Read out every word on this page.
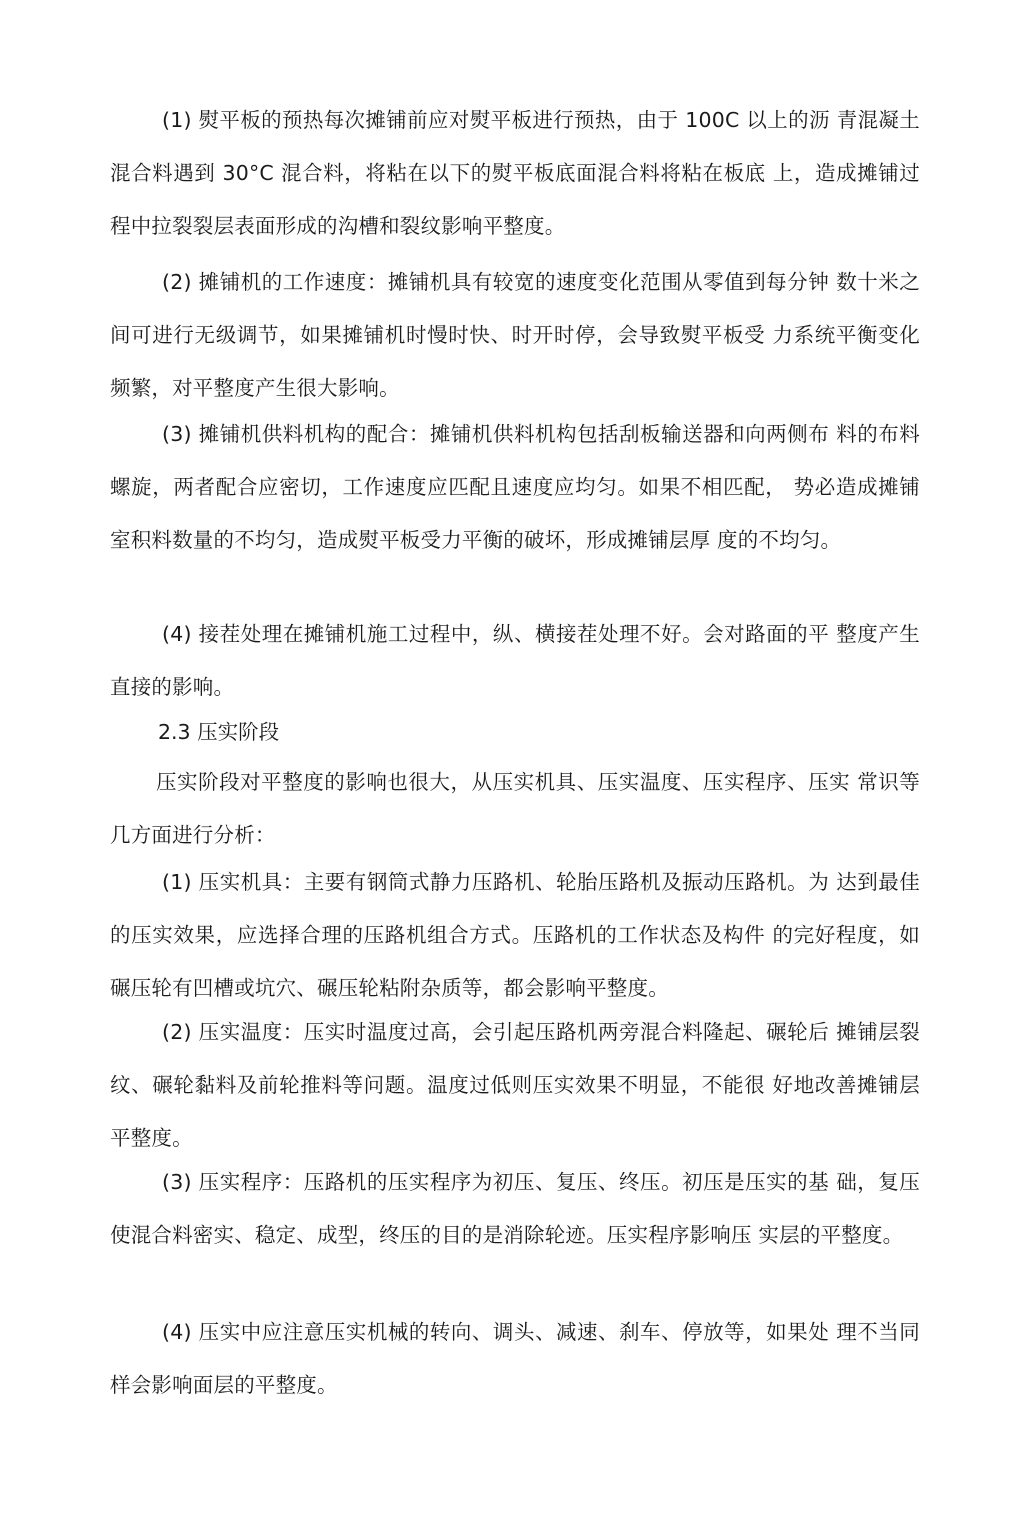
(1) 熨平板的预热每次摊铺前应对熨平板进行预热，由于 100C 以上的沥 青混凝土混合料遇到 30°C 混合料，将粘在以下的熨平板底面混合料将粘在板底 上，造成摊铺过程中拉裂裂层表面形成的沟槽和裂纹影响平整度。

(2) 摊铺机的工作速度：摊铺机具有较宽的速度变化范围从零值到每分钟 数十米之间可进行无级调节，如果摊铺机时慢时快、时开时停，会导致熨平板受 力系统平衡变化频繁，对平整度产生很大影响。

(3) 摊铺机供料机构的配合：摊铺机供料机构包括刮板输送器和向两侧布 料的布料螺旋，两者配合应密切，工作速度应匹配且速度应均匀。如果不相匹配， 势必造成摊铺室积料数量的不均匀，造成熨平板受力平衡的破坏，形成摊铺层厚 度的不均匀。

(4) 接茬处理在摊铺机施工过程中，纵、横接茬处理不好。会对路面的平 整度产生直接的影响。

2.3 压实阶段

压实阶段对平整度的影响也很大，从压实机具、压实温度、压实程序、压实 常识等几方面进行分析：

(1) 压实机具：主要有钢筒式静力压路机、轮胎压路机及振动压路机。为 达到最佳的压实效果，应选择合理的压路机组合方式。压路机的工作状态及构件 的完好程度，如碾压轮有凹槽或坑穴、碾压轮粘附杂质等，都会影响平整度。

(2) 压实温度：压实时温度过高，会引起压路机两旁混合料隆起、碾轮后 摊铺层裂纹、碾轮黏料及前轮推料等问题。温度过低则压实效果不明显，不能很 好地改善摊铺层平整度。

(3) 压实程序：压路机的压实程序为初压、复压、终压。初压是压实的基 础，复压使混合料密实、稳定、成型，终压的目的是消除轮迹。压实程序影响压 实层的平整度。

(4) 压实中应注意压实机械的转向、调头、减速、刹车、停放等，如果处 理不当同样会影响面层的平整度。
